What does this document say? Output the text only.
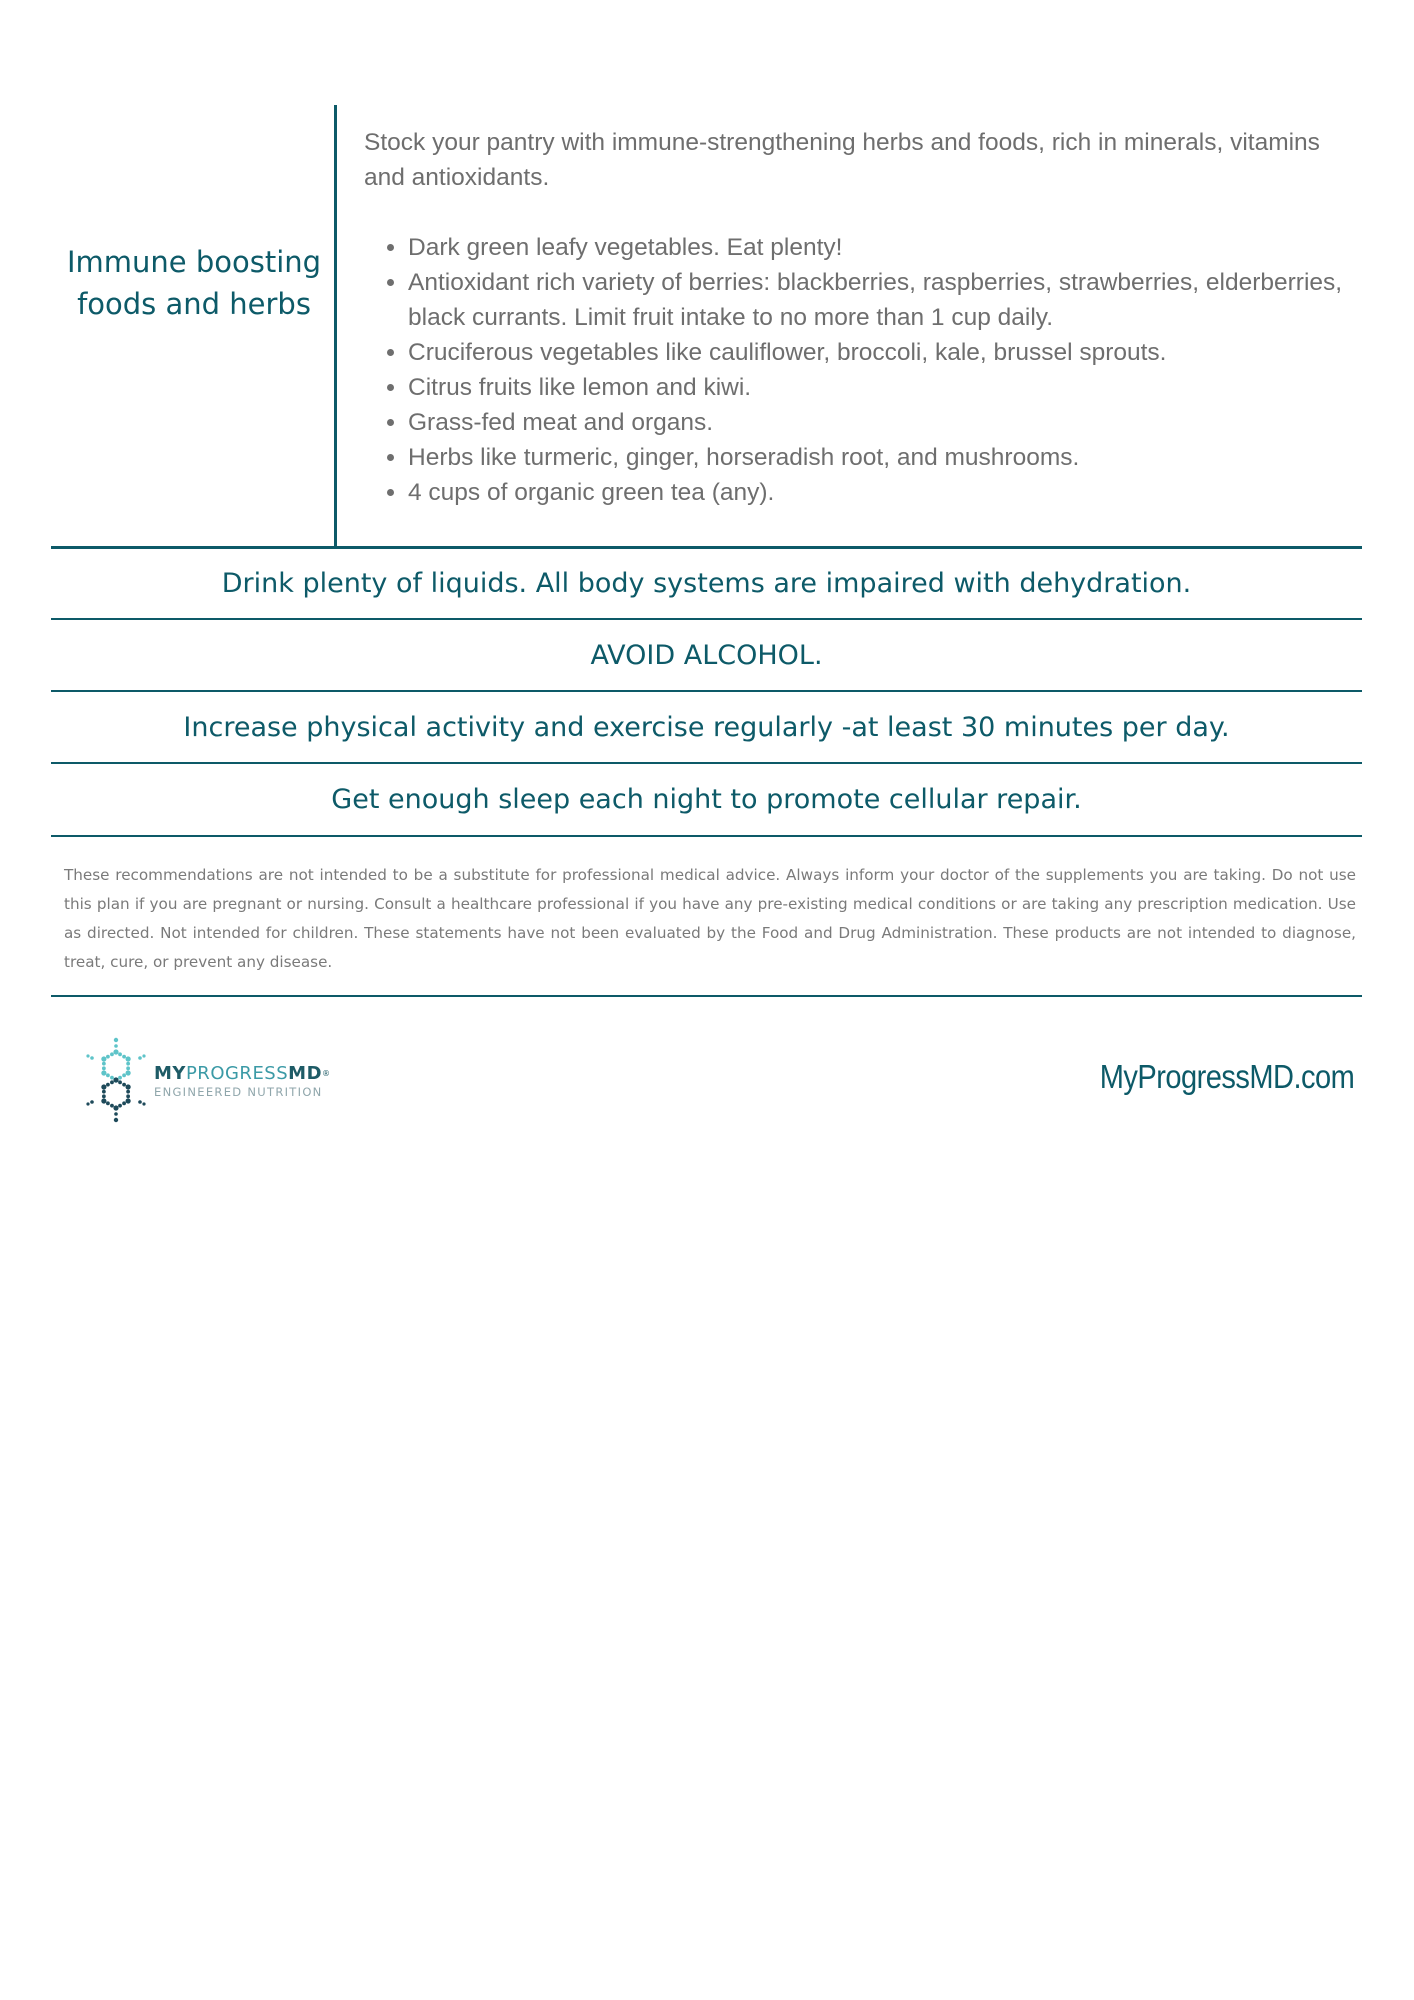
Immune boosting foods and herbs

Stock your pantry with immune-strengthening herbs and foods, rich in minerals, vitamins and antioxidants.

• Dark green leafy vegetables. Eat plenty!
• Antioxidant rich variety of berries: blackberries, raspberries, strawberries, elderberries, black currants. Limit fruit intake to no more than 1 cup daily.
• Cruciferous vegetables like cauliflower, broccoli, kale, brussel sprouts.
• Citrus fruits like lemon and kiwi.
• Grass-fed meat and organs.
• Herbs like turmeric, ginger, horseradish root, and mushrooms.
• 4 cups of organic green tea (any).
Drink plenty of liquids. All body systems are impaired with dehydration.
AVOID ALCOHOL.
Increase physical activity and exercise regularly -at least 30 minutes per day.
Get enough sleep each night to promote cellular repair.
These recommendations are not intended to be a substitute for professional medical advice. Always inform your doctor of the supplements you are taking. Do not use this plan if you are pregnant or nursing. Consult a healthcare professional if you have any pre-existing medical conditions or are taking any prescription medication. Use as directed. Not intended for children. These statements have not been evaluated by the Food and Drug Administration. These products are not intended to diagnose, treat, cure, or prevent any disease.
MYPROGRESSMD®
ENGINEERED NUTRITION	MyProgressMD.com
